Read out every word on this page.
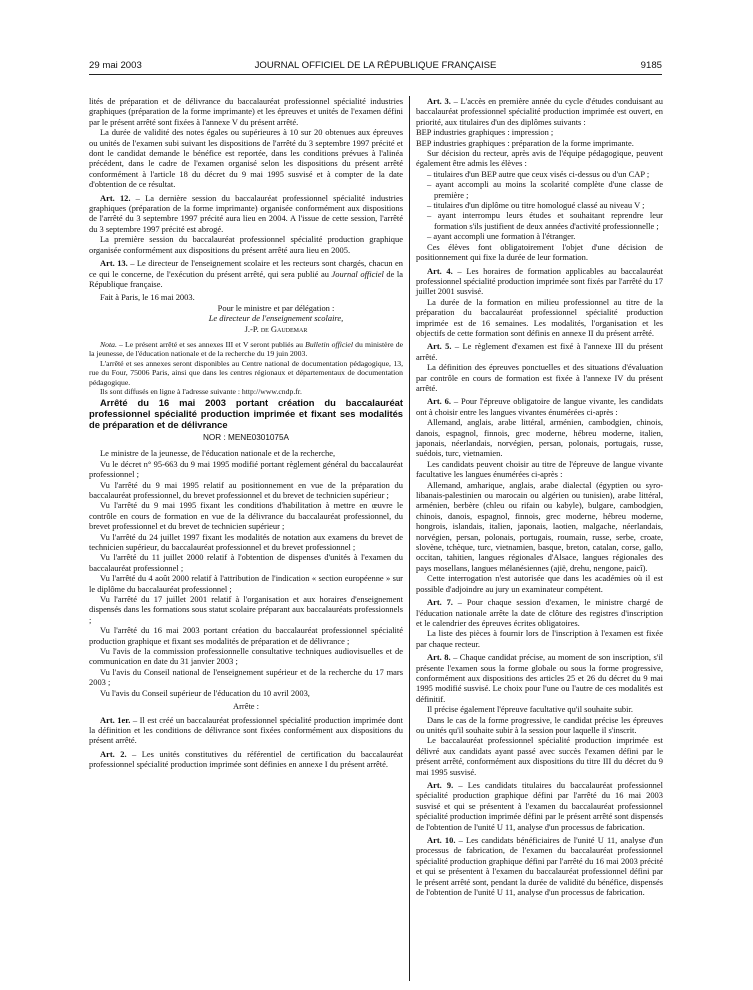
29 mai 2003	JOURNAL OFFICIEL DE LA RÉPUBLIQUE FRANÇAISE	9185

lités de préparation et de délivrance du baccalauréat professionnel spécialité industries graphiques (préparation de la forme imprimante) et les épreuves et unités de l'examen défini par le présent arrêté sont fixées à l'annexe V du présent arrêté.

La durée de validité des notes égales ou supérieures à 10 sur 20 obtenues aux épreuves ou unités de l'examen subi suivant les dispositions de l'arrêté du 3 septembre 1997 précité et dont le candidat demande le bénéfice est reportée, dans les conditions prévues à l'alinéa précédent, dans le cadre de l'examen organisé selon les dispositions du présent arrêté conformément à l'article 18 du décret du 9 mai 1995 susvisé et à compter de la date d'obtention de ce résultat.

Art. 12. – La dernière session du baccalauréat professionnel spécialité industries graphiques (préparation de la forme imprimante) organisée conformément aux dispositions de l'arrêté du 3 septembre 1997 précité aura lieu en 2004. A l'issue de cette session, l'arrêté du 3 septembre 1997 précité est abrogé.

La première session du baccalauréat professionnel spécialité production graphique organisée conformément aux dispositions du présent arrêté aura lieu en 2005.

Art. 13. – Le directeur de l'enseignement scolaire et les recteurs sont chargés, chacun en ce qui le concerne, de l'exécution du présent arrêté, qui sera publié au Journal officiel de la République française.

Fait à Paris, le 16 mai 2003.

Pour le ministre et par délégation :

Le directeur de l'enseignement scolaire,

J.-P. de Gaudemar

Nota. – Le présent arrêté et ses annexes III et V seront publiés au Bulletin officiel du ministère de la jeunesse, de l'éducation nationale et de la recherche du 19 juin 2003.

L'arrêté et ses annexes seront disponibles au Centre national de documentation pédagogique, 13, rue du Four, 75006 Paris, ainsi que dans les centres régionaux et départementaux de documentation pédagogique.

Ils sont diffusés en ligne à l'adresse suivante : http://www.cndp.fr.

Arrêté du 16 mai 2003 portant création du baccalauréat professionnel spécialité production imprimée et fixant ses modalités de préparation et de délivrance

NOR : MENE0301075A

Le ministre de la jeunesse, de l'éducation nationale et de la recherche,

Vu le décret n° 95-663 du 9 mai 1995 modifié portant règlement général du baccalauréat professionnel ;

Vu l'arrêté du 9 mai 1995 relatif au positionnement en vue de la préparation du baccalauréat professionnel, du brevet professionnel et du brevet de technicien supérieur ;

Vu l'arrêté du 9 mai 1995 fixant les conditions d'habilitation à mettre en œuvre le contrôle en cours de formation en vue de la délivrance du baccalauréat professionnel, du brevet professionnel et du brevet de technicien supérieur ;

Vu l'arrêté du 24 juillet 1997 fixant les modalités de notation aux examens du brevet de technicien supérieur, du baccalauréat professionnel et du brevet professionnel ;

Vu l'arrêté du 11 juillet 2000 relatif à l'obtention de dispenses d'unités à l'examen du baccalauréat professionnel ;

Vu l'arrêté du 4 août 2000 relatif à l'attribution de l'indication « section européenne » sur le diplôme du baccalauréat professionnel ;

Vu l'arrêté du 17 juillet 2001 relatif à l'organisation et aux horaires d'enseignement dispensés dans les formations sous statut scolaire préparant aux baccalauréats professionnels ;

Vu l'arrêté du 16 mai 2003 portant création du baccalauréat professionnel spécialité production graphique et fixant ses modalités de préparation et de délivrance ;

Vu l'avis de la commission professionnelle consultative techniques audiovisuelles et de communication en date du 31 janvier 2003 ;

Vu l'avis du Conseil national de l'enseignement supérieur et de la recherche du 17 mars 2003 ;

Vu l'avis du Conseil supérieur de l'éducation du 10 avril 2003,

Arrête :

Art. 1er. – Il est créé un baccalauréat professionnel spécialité production imprimée dont la définition et les conditions de délivrance sont fixées conformément aux dispositions du présent arrêté.

Art. 2. – Les unités constitutives du référentiel de certification du baccalauréat professionnel spécialité production imprimée sont définies en annexe I du présent arrêté.

Art. 3. – L'accès en première année du cycle d'études conduisant au baccalauréat professionnel spécialité production imprimée est ouvert, en priorité, aux titulaires d'un des diplômes suivants :

BEP industries graphiques : impression ;

BEP industries graphiques : préparation de la forme imprimante.

Sur décision du recteur, après avis de l'équipe pédagogique, peuvent également être admis les élèves :

– titulaires d'un BEP autre que ceux visés ci-dessus ou d'un CAP ;
– ayant accompli au moins la scolarité complète d'une classe de première ;
– titulaires d'un diplôme ou titre homologué classé au niveau V ;
– ayant interrompu leurs études et souhaitant reprendre leur formation s'ils justifient de deux années d'activité professionnelle ;
– ayant accompli une formation à l'étranger.

Ces élèves font obligatoirement l'objet d'une décision de positionnement qui fixe la durée de leur formation.

Art. 4. – Les horaires de formation applicables au baccalauréat professionnel spécialité production imprimée sont fixés par l'arrêté du 17 juillet 2001 susvisé.

La durée de la formation en milieu professionnel au titre de la préparation du baccalauréat professionnel spécialité production imprimée est de 16 semaines. Les modalités, l'organisation et les objectifs de cette formation sont définis en annexe II du présent arrêté.

Art. 5. – Le règlement d'examen est fixé à l'annexe III du présent arrêté.

La définition des épreuves ponctuelles et des situations d'évaluation par contrôle en cours de formation est fixée à l'annexe IV du présent arrêté.

Art. 6. – Pour l'épreuve obligatoire de langue vivante, les candidats ont à choisir entre les langues vivantes énumérées ci-après :

Allemand, anglais, arabe littéral, arménien, cambodgien, chinois, danois, espagnol, finnois, grec moderne, hébreu moderne, italien, japonais, néerlandais, norvégien, persan, polonais, portugais, russe, suédois, turc, vietnamien.

Les candidats peuvent choisir au titre de l'épreuve de langue vivante facultative les langues énumérées ci-après :

Allemand, amharique, anglais, arabe dialectal (égyptien ou syro-libanais-palestinien ou marocain ou algérien ou tunisien), arabe littéral, arménien, berbère (chleu ou rifain ou kabyle), bulgare, cambodgien, chinois, danois, espagnol, finnois, grec moderne, hébreu moderne, hongrois, islandais, italien, japonais, laotien, malgache, néerlandais, norvégien, persan, polonais, portugais, roumain, russe, serbe, croate, slovène, tchèque, turc, vietnamien, basque, breton, catalan, corse, gallo, occitan, tahitien, langues régionales d'Alsace, langues régionales des pays mosellans, langues mélanésiennes (ajië, drehu, nengone, paicî).

Cette interrogation n'est autorisée que dans les académies où il est possible d'adjoindre au jury un examinateur compétent.

Art. 7. – Pour chaque session d'examen, le ministre chargé de l'éducation nationale arrête la date de clôture des registres d'inscription et le calendrier des épreuves écrites obligatoires.

La liste des pièces à fournir lors de l'inscription à l'examen est fixée par chaque recteur.

Art. 8. – Chaque candidat précise, au moment de son inscription, s'il présente l'examen sous la forme globale ou sous la forme progressive, conformément aux dispositions des articles 25 et 26 du décret du 9 mai 1995 modifié susvisé. Le choix pour l'une ou l'autre de ces modalités est définitif.

Il précise également l'épreuve facultative qu'il souhaite subir.

Dans le cas de la forme progressive, le candidat précise les épreuves ou unités qu'il souhaite subir à la session pour laquelle il s'inscrit.

Le baccalauréat professionnel spécialité production imprimée est délivré aux candidats ayant passé avec succès l'examen défini par le présent arrêté, conformément aux dispositions du titre III du décret du 9 mai 1995 susvisé.

Art. 9. – Les candidats titulaires du baccalauréat professionnel spécialité production graphique défini par l'arrêté du 16 mai 2003 susvisé et qui se présentent à l'examen du baccalauréat professionnel spécialité production imprimée défini par le présent arrêté sont dispensés de l'obtention de l'unité U 11, analyse d'un processus de fabrication.

Art. 10. – Les candidats bénéficiaires de l'unité U 11, analyse d'un processus de fabrication, de l'examen du baccalauréat professionnel spécialité production graphique défini par l'arrêté du 16 mai 2003 précité et qui se présentent à l'examen du baccalauréat professionnel défini par le présent arrêté sont, pendant la durée de validité du bénéfice, dispensés de l'obtention de l'unité U 11, analyse d'un processus de fabrication.
